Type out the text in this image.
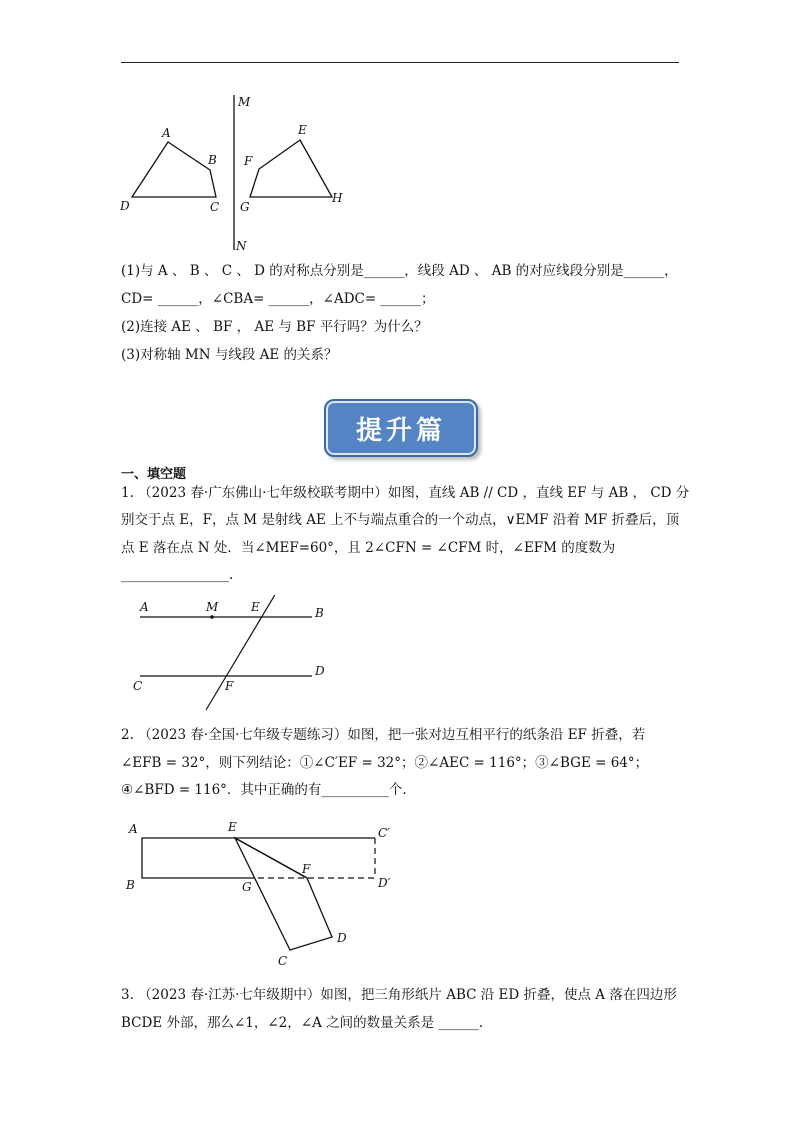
M
N
A
B
C
D
E
F
G
H
(1)与 A 、 B 、 C 、 D 的对称点分别是______，线段 AD 、 AB 的对应线段分别是______，
CD= ______，∠CBA= ______，∠ADC= ______；
(2)连接 AE 、 BF ， AE 与 BF 平行吗？为什么？
(3)对称轴 MN 与线段 AE 的关系？
提升篇
一、填空题
1. （2023 春·广东佛山·七年级校联考期中）如图，直线 AB // CD ，直线 EF 与 AB ， CD 分
别交于点 E，F，点 M 是射线 AE 上不与端点重合的一个动点，∨EMF 沿着 MF 折叠后，顶
点 E 落在点 N 处．当∠MEF=60°，且 2∠CFN = ∠CFM 时，∠EFM 的度数为
________________.
A	M	E	B
C	F
D
2. （2023 春·全国·七年级专题练习）如图，把一张对边互相平行的纸条沿 EF 折叠，若
∠EFB = 32°，则下列结论：①∠C′EF = 32°；②∠AEC = 116°；③∠BGE = 64°；
④∠BFD = 116°．其中正确的有__________个.
A	E	C′
B	G
F
D′
D
C
3. （2023 春·江苏·七年级期中）如图，把三角形纸片 ABC 沿 ED 折叠，使点 A 落在四边形
BCDE 外部，那么∠1，∠2，∠A 之间的数量关系是 ______.
